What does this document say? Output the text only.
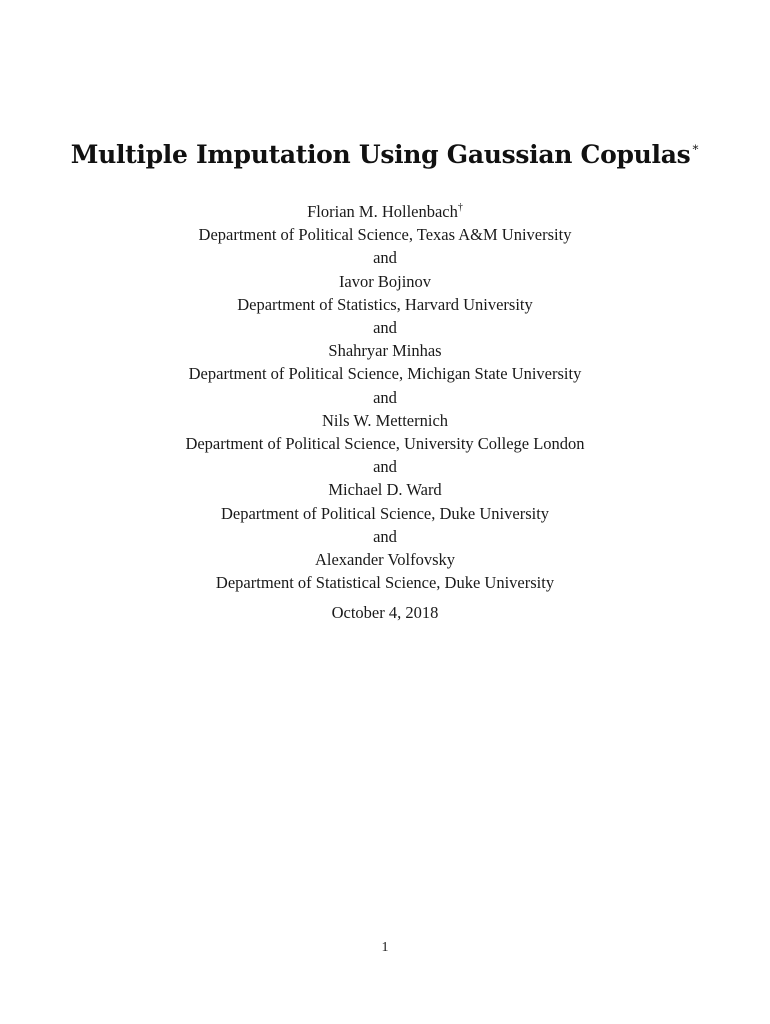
Multiple Imputation Using Gaussian Copulas∗
Florian M. Hollenbach†
Department of Political Science, Texas A&M University
and
Iavor Bojinov
Department of Statistics, Harvard University
and
Shahryar Minhas
Department of Political Science, Michigan State University
and
Nils W. Metternich
Department of Political Science, University College London
and
Michael D. Ward
Department of Political Science, Duke University
and
Alexander Volfovsky
Department of Statistical Science, Duke University
October 4, 2018
1
